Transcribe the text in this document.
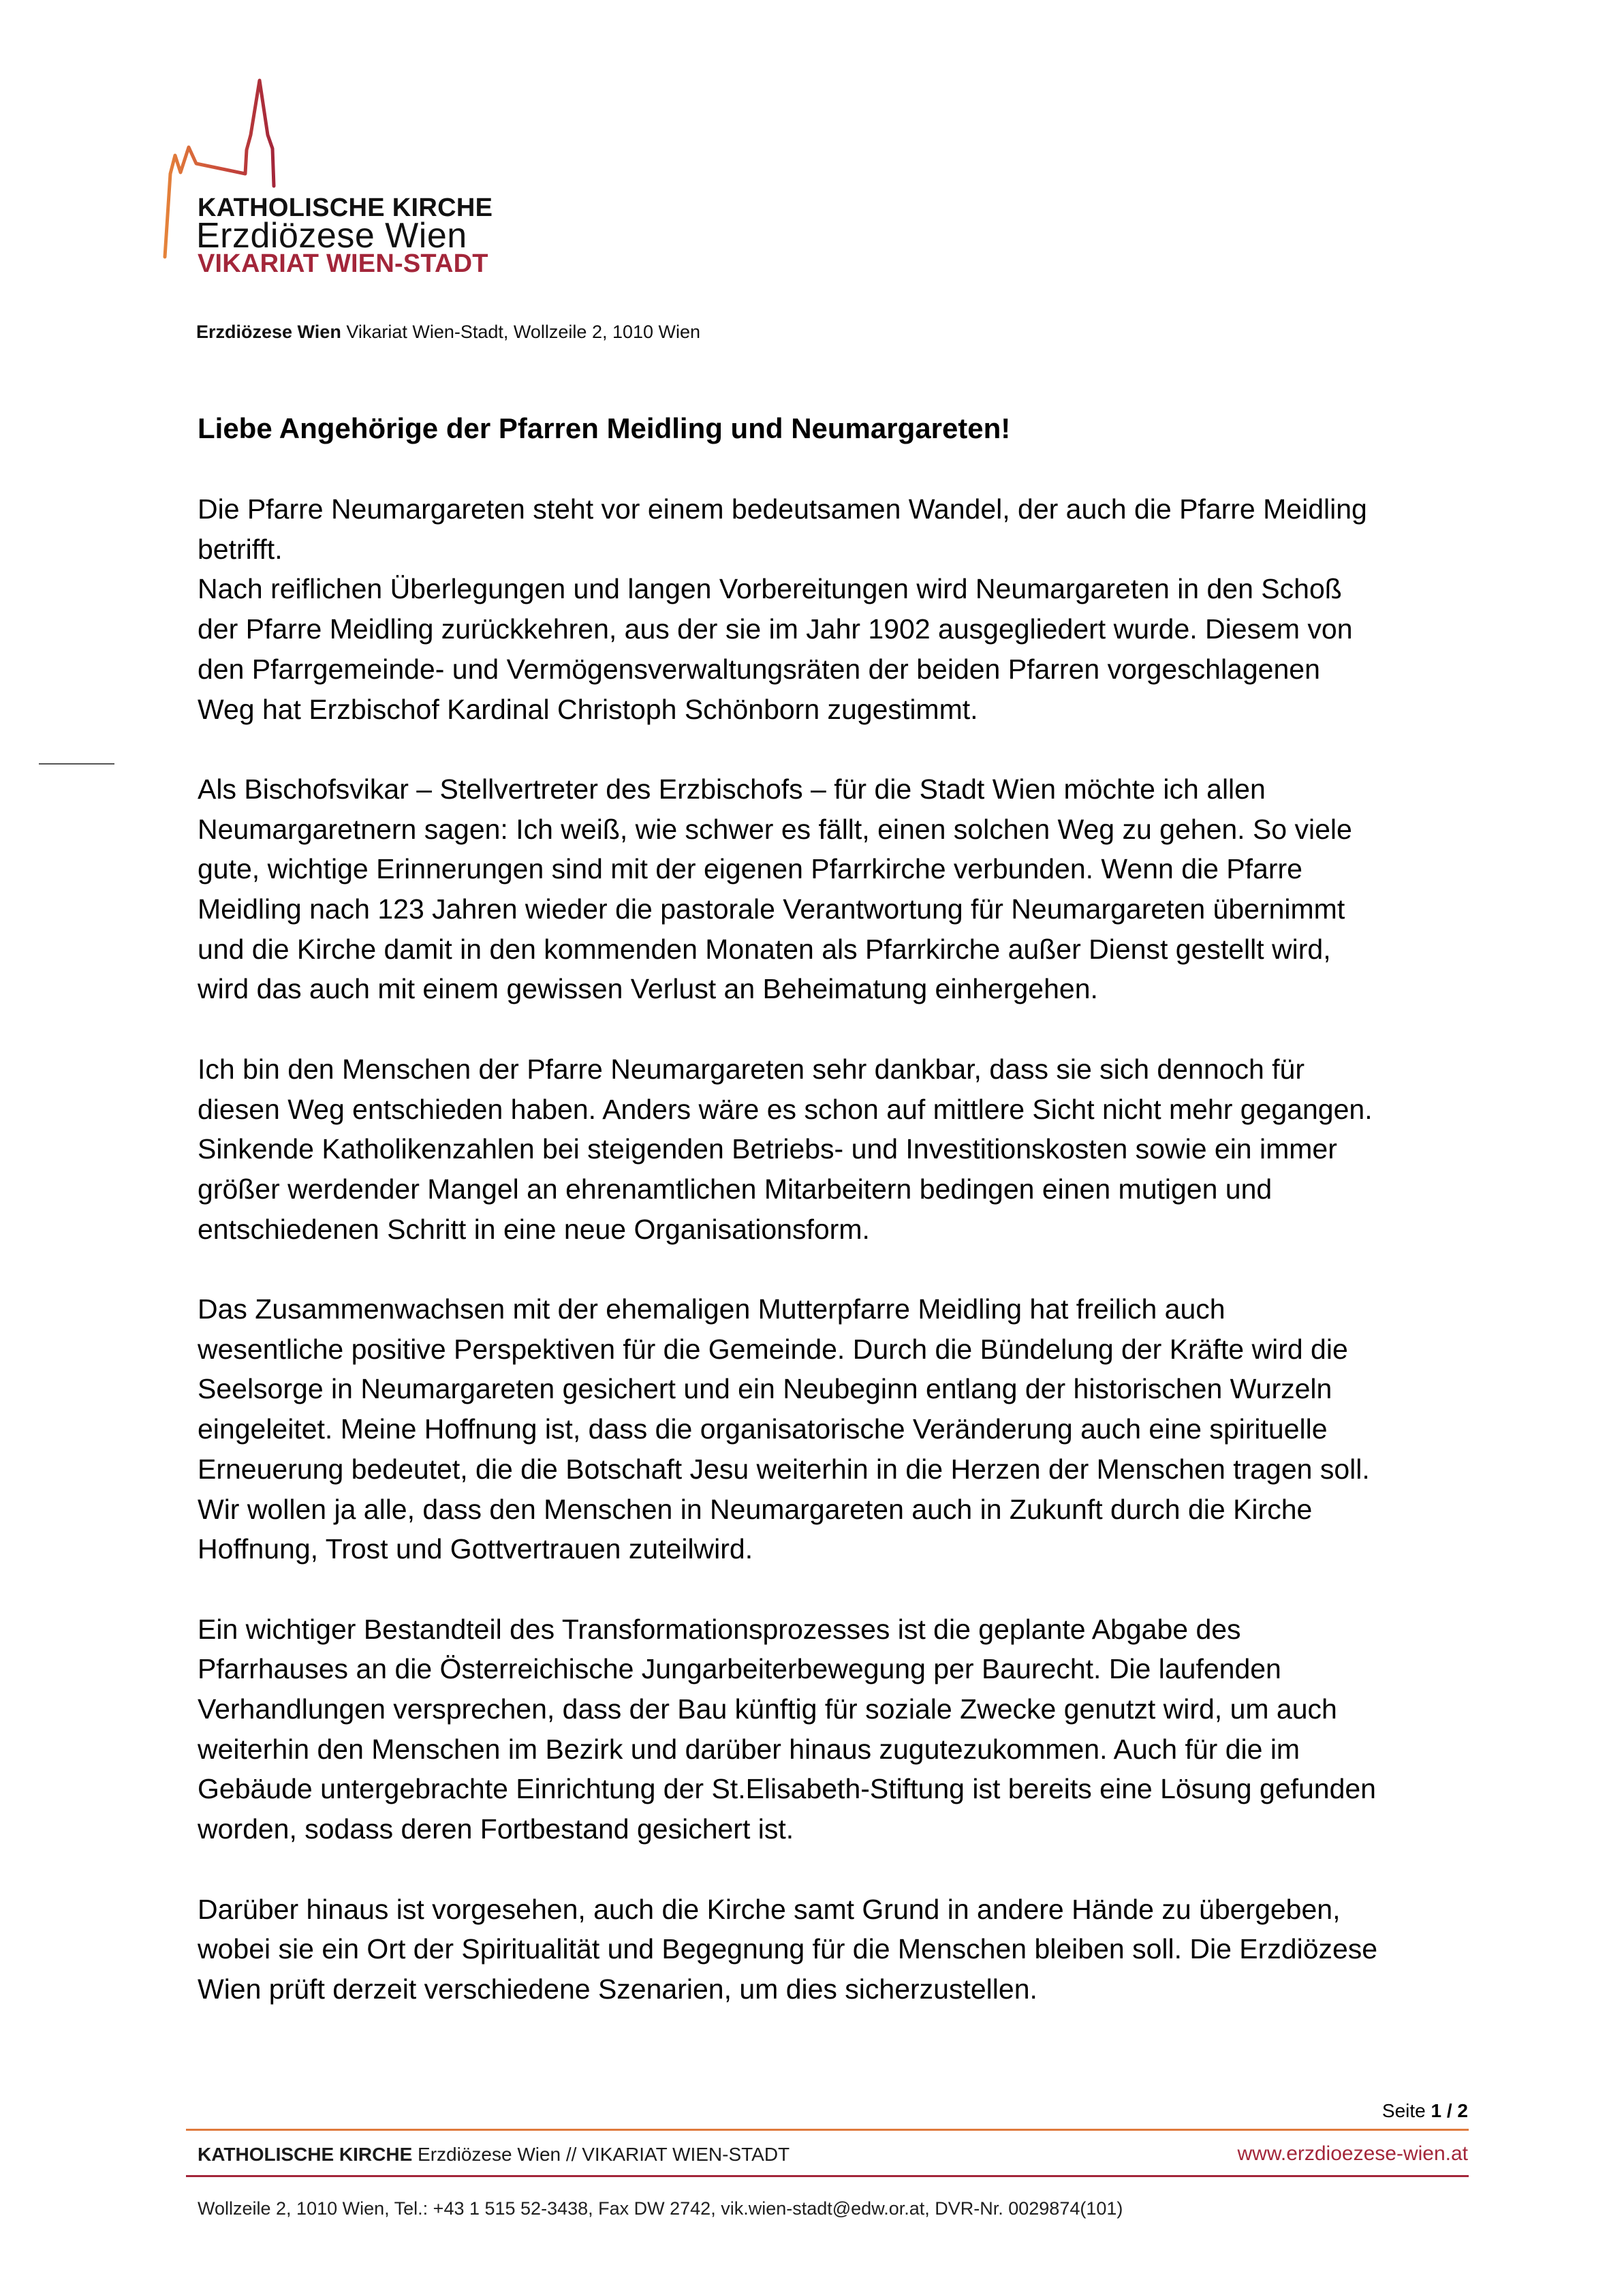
KATHOLISCHE KIRCHE
Erzdiözese Wien
VIKARIAT WIEN-STADT
Erzdiözese Wien Vikariat Wien-Stadt, Wollzeile 2, 1010 Wien
Liebe Angehörige der Pfarren Meidling und Neumargareten!
Die Pfarre Neumargareten steht vor einem bedeutsamen Wandel, der auch die Pfarre Meidling
betrifft.
Nach reiflichen Überlegungen und langen Vorbereitungen wird Neumargareten in den Schoß
der Pfarre Meidling zurückkehren, aus der sie im Jahr 1902 ausgegliedert wurde. Diesem von
den Pfarrgemeinde- und Vermögensverwaltungsräten der beiden Pfarren vorgeschlagenen
Weg hat Erzbischof Kardinal Christoph Schönborn zugestimmt.
Als Bischofsvikar – Stellvertreter des Erzbischofs – für die Stadt Wien möchte ich allen
Neumargaretnern sagen: Ich weiß, wie schwer es fällt, einen solchen Weg zu gehen. So viele
gute, wichtige Erinnerungen sind mit der eigenen Pfarrkirche verbunden. Wenn die Pfarre
Meidling nach 123 Jahren wieder die pastorale Verantwortung für Neumargareten übernimmt
und die Kirche damit in den kommenden Monaten als Pfarrkirche außer Dienst gestellt wird,
wird das auch mit einem gewissen Verlust an Beheimatung einhergehen.
Ich bin den Menschen der Pfarre Neumargareten sehr dankbar, dass sie sich dennoch für
diesen Weg entschieden haben. Anders wäre es schon auf mittlere Sicht nicht mehr gegangen.
Sinkende Katholikenzahlen bei steigenden Betriebs- und Investitionskosten sowie ein immer
größer werdender Mangel an ehrenamtlichen Mitarbeitern bedingen einen mutigen und
entschiedenen Schritt in eine neue Organisationsform.
Das Zusammenwachsen mit der ehemaligen Mutterpfarre Meidling hat freilich auch
wesentliche positive Perspektiven für die Gemeinde. Durch die Bündelung der Kräfte wird die
Seelsorge in Neumargareten gesichert und ein Neubeginn entlang der historischen Wurzeln
eingeleitet. Meine Hoffnung ist, dass die organisatorische Veränderung auch eine spirituelle
Erneuerung bedeutet, die die Botschaft Jesu weiterhin in die Herzen der Menschen tragen soll.
Wir wollen ja alle, dass den Menschen in Neumargareten auch in Zukunft durch die Kirche
Hoffnung, Trost und Gottvertrauen zuteilwird.
Ein wichtiger Bestandteil des Transformationsprozesses ist die geplante Abgabe des
Pfarrhauses an die Österreichische Jungarbeiterbewegung per Baurecht. Die laufenden
Verhandlungen versprechen, dass der Bau künftig für soziale Zwecke genutzt wird, um auch
weiterhin den Menschen im Bezirk und darüber hinaus zugutezukommen. Auch für die im
Gebäude untergebrachte Einrichtung der St.Elisabeth-Stiftung ist bereits eine Lösung gefunden
worden, sodass deren Fortbestand gesichert ist.
Darüber hinaus ist vorgesehen, auch die Kirche samt Grund in andere Hände zu übergeben,
wobei sie ein Ort der Spiritualität und Begegnung für die Menschen bleiben soll. Die Erzdiözese
Wien prüft derzeit verschiedene Szenarien, um dies sicherzustellen.
Seite 1 / 2
KATHOLISCHE KIRCHE Erzdiözese Wien // VIKARIAT WIEN-STADT	www.erzdioezese-wien.at
Wollzeile 2, 1010 Wien, Tel.: +43 1 515 52-3438, Fax DW 2742, vik.wien-stadt@edw.or.at, DVR-Nr. 0029874(101)
